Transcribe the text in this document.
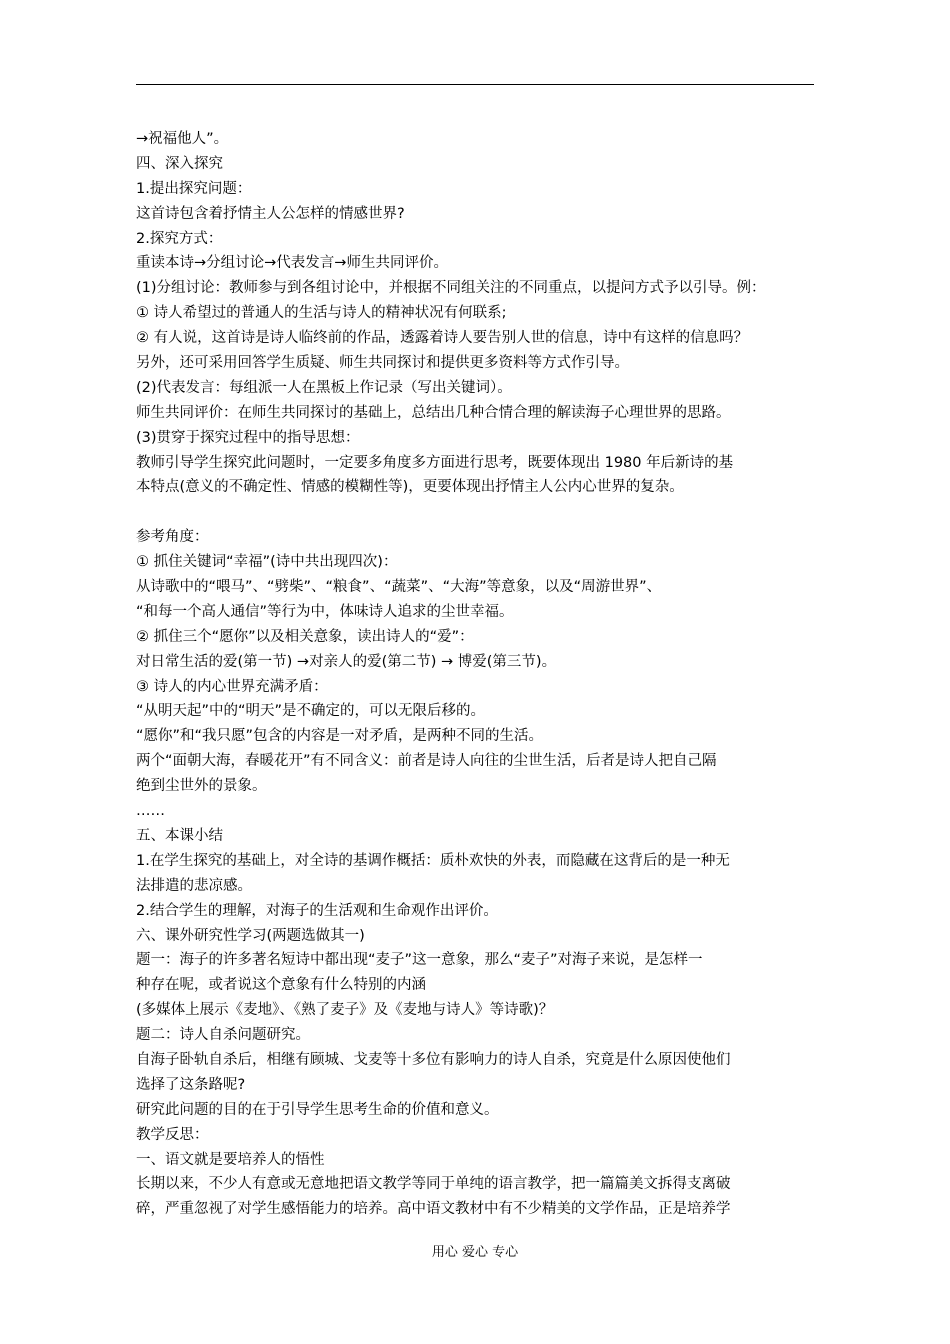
→祝福他人”。
四、深入探究
1.提出探究问题：
这首诗包含着抒情主人公怎样的情感世界?
2.探究方式：
重读本诗→分组讨论→代表发言→师生共同评价。
(1)分组讨论：教师参与到各组讨论中，并根据不同组关注的不同重点，以提问方式予以引导。例：
① 诗人希望过的普通人的生活与诗人的精神状况有何联系;
② 有人说，这首诗是诗人临终前的作品，透露着诗人要告别人世的信息，诗中有这样的信息吗？
另外，还可采用回答学生质疑、师生共同探讨和提供更多资料等方式作引导。
(2)代表发言：每组派一人在黑板上作记录（写出关键词）。
师生共同评价：在师生共同探讨的基础上，总结出几种合情合理的解读海子心理世界的思路。
(3)贯穿于探究过程中的指导思想：
教师引导学生探究此问题时，一定要多角度多方面进行思考，既要体现出 1980 年后新诗的基
本特点(意义的不确定性、情感的模糊性等)，更要体现出抒情主人公内心世界的复杂。
参考角度：
① 抓住关键词“幸福”(诗中共出现四次)：
从诗歌中的“喂马”、“劈柴”、“粮食”、“蔬菜”、“大海”等意象，以及“周游世界”、
“和每一个高人通信”等行为中，体味诗人追求的尘世幸福。
② 抓住三个“愿你”以及相关意象，读出诗人的“爱”：
对日常生活的爱(第一节) →对亲人的爱(第二节) → 博爱(第三节)。
③ 诗人的内心世界充满矛盾：
“从明天起”中的“明天”是不确定的，可以无限后移的。
“愿你”和“我只愿”包含的内容是一对矛盾，是两种不同的生活。
两个“面朝大海，春暖花开”有不同含义：前者是诗人向往的尘世生活，后者是诗人把自己隔
绝到尘世外的景象。
……
五、本课小结
1.在学生探究的基础上，对全诗的基调作概括：质朴欢快的外表，而隐藏在这背后的是一种无
法排遣的悲凉感。
2.结合学生的理解，对海子的生活观和生命观作出评价。
六、课外研究性学习(两题选做其一)
题一：海子的许多著名短诗中都出现“麦子”这一意象，那么“麦子”对海子来说，是怎样一
种存在呢，或者说这个意象有什么特别的内涵
(多媒体上展示《麦地》、《熟了麦子》及《麦地与诗人》等诗歌)？
题二：诗人自杀问题研究。
自海子卧轨自杀后，相继有顾城、戈麦等十多位有影响力的诗人自杀，究竟是什么原因使他们
选择了这条路呢?
研究此问题的目的在于引导学生思考生命的价值和意义。
教学反思：
一、语文就是要培养人的悟性
长期以来，不少人有意或无意地把语文教学等同于单纯的语言教学，把一篇篇美文拆得支离破
碎，严重忽视了对学生感悟能力的培养。高中语文教材中有不少精美的文学作品，正是培养学
用心 爱心 专心
